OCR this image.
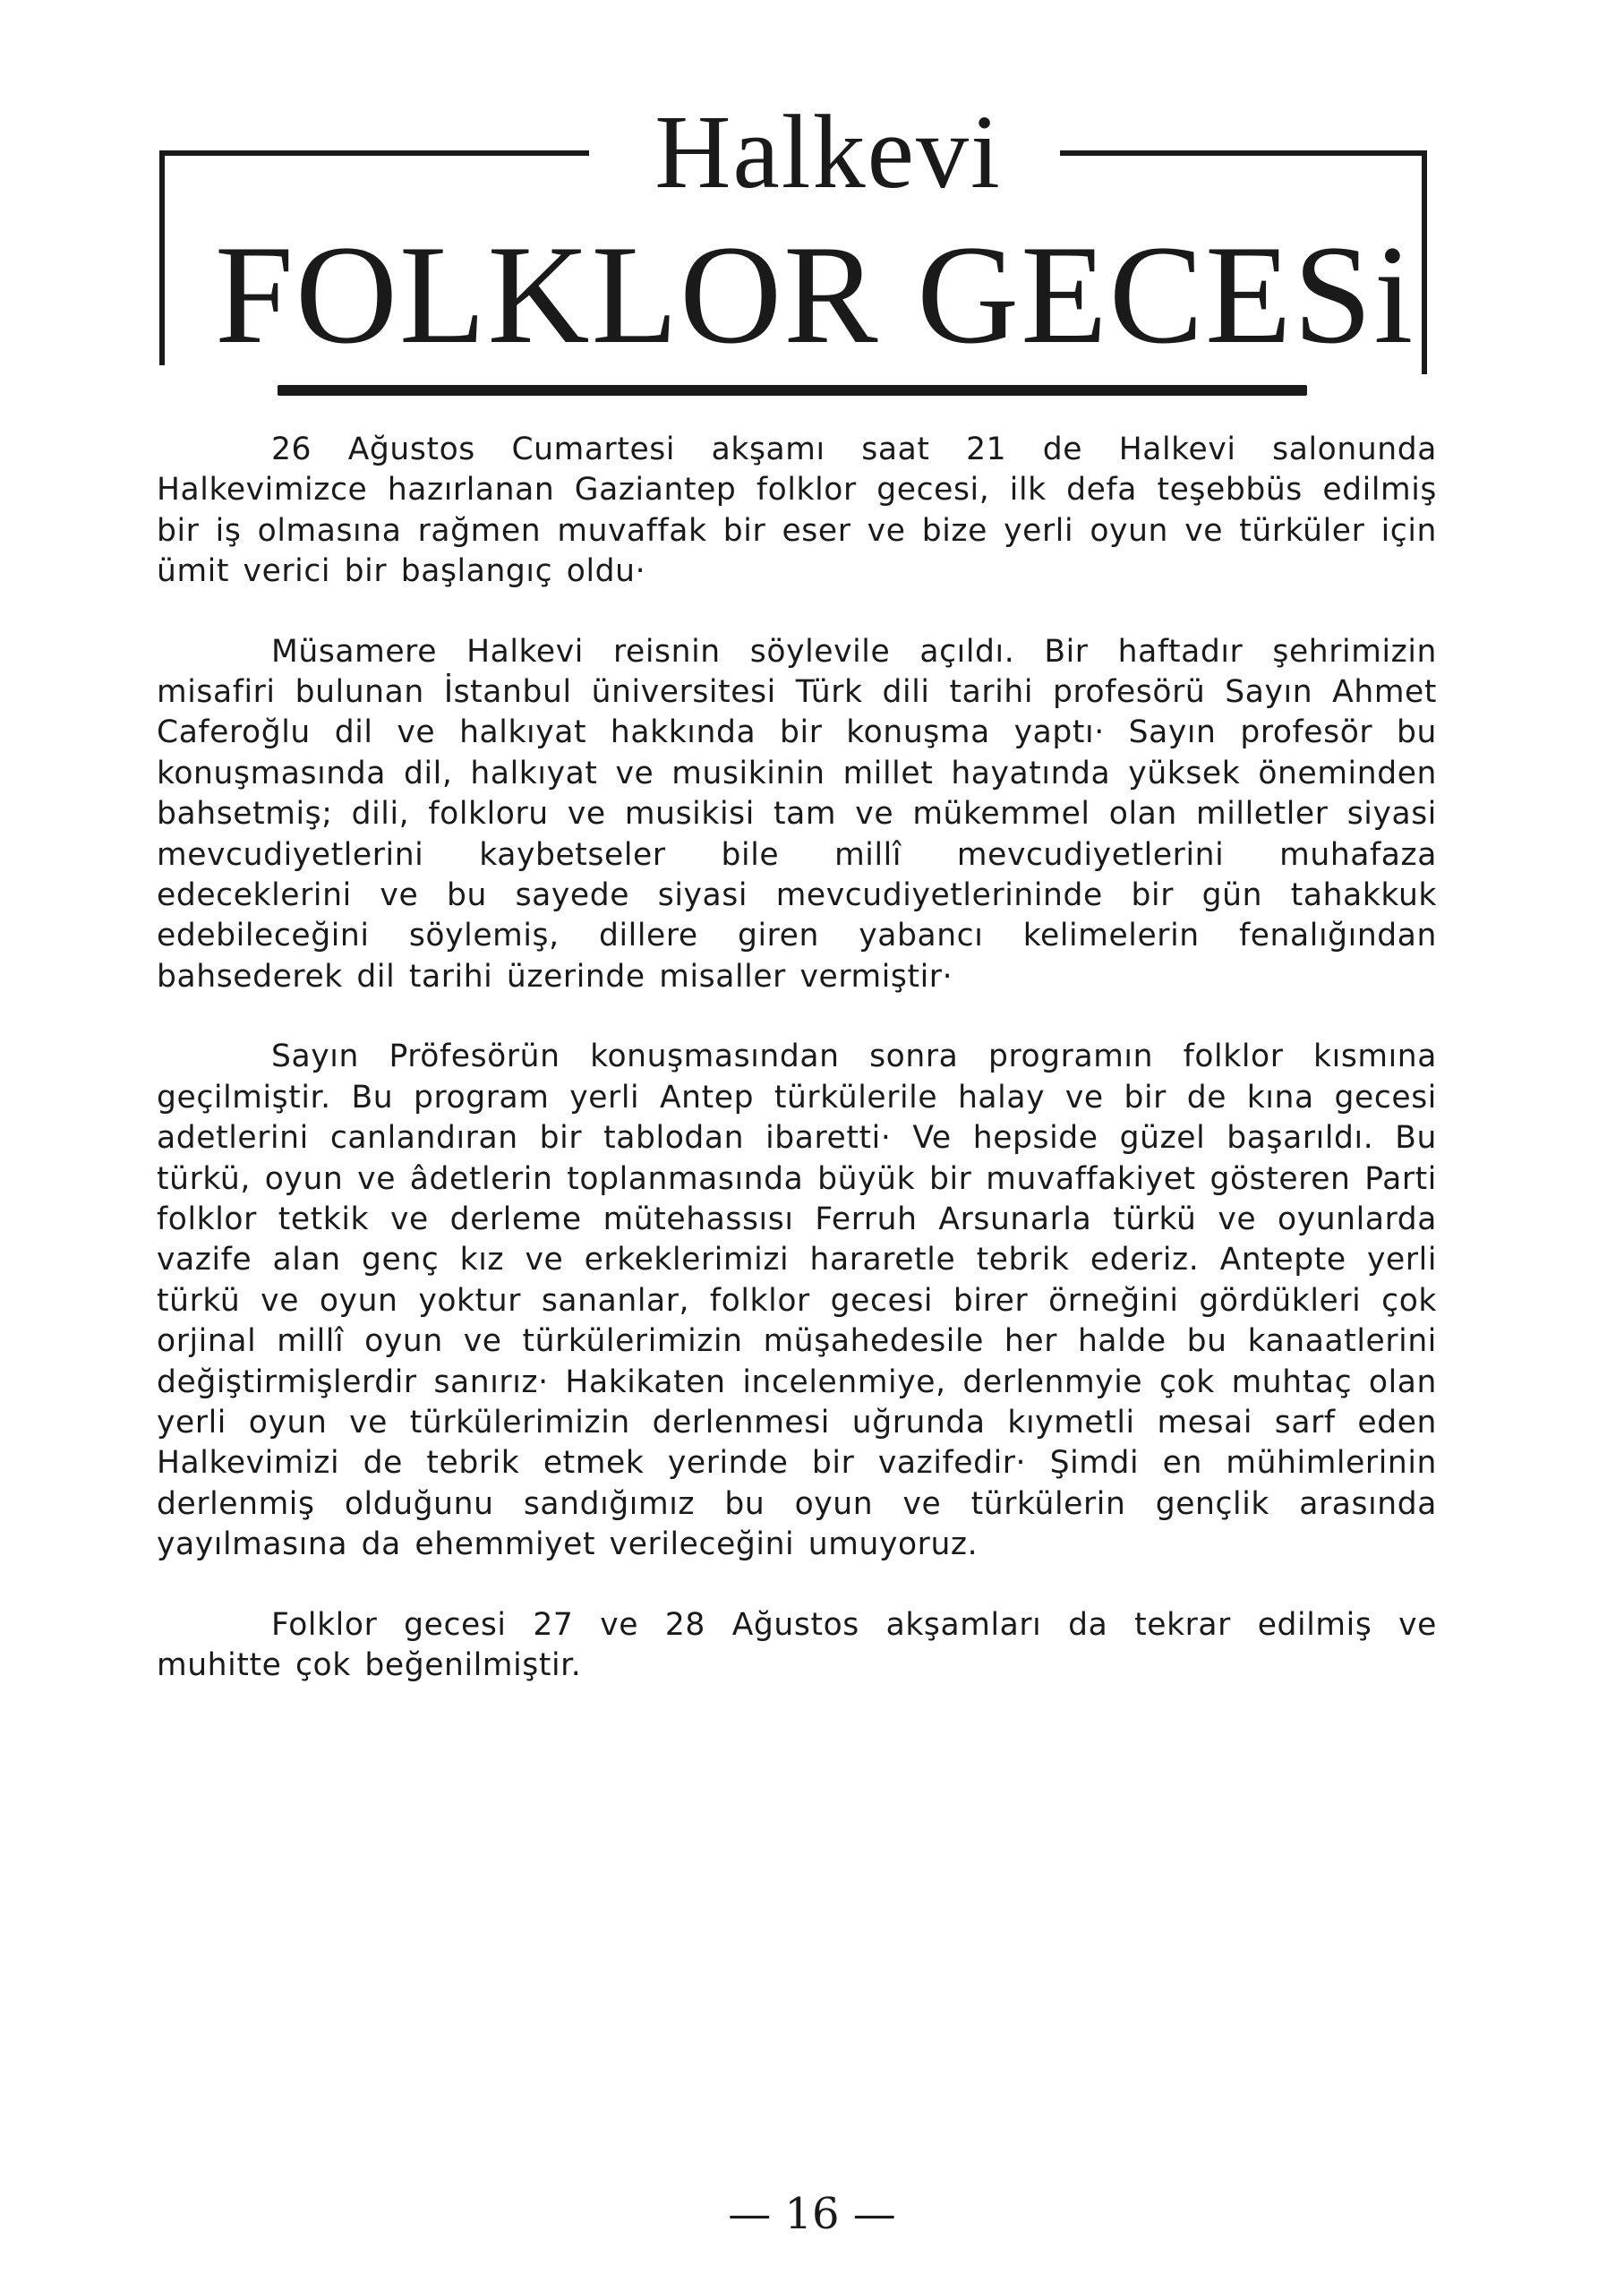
Halkevi
FOLKLOR GECESi

26 Ağustos Cumartesi akşamı saat 21 de Halkevi salonunda Halkevimizce hazırlanan Gaziantep folklor gecesi, ilk defa teşebbüs edilmiş bir iş olmasına rağmen muvaffak bir eser ve bize yerli oyun ve türküler için ümit verici bir başlangıç oldu·

Müsamere Halkevi reisnin söylevile açıldı. Bir haftadır şehrimizin misafiri bulunan İstanbul üniversitesi Türk dili tarihi profesörü Sayın Ahmet Caferoğlu dil ve halkıyat hakkında bir konuşma yaptı· Sayın profesör bu konuşmasında dil, halkıyat ve musikinin millet hayatında yüksek öneminden bahsetmiş; dili, folkloru ve musikisi tam ve mükemmel olan milletler siyasi mevcudiyetlerini kaybetseler bile millî mevcudiyetlerini muhafaza edeceklerini ve bu sayede siyasi mevcudiyetlerininde bir gün tahakkuk edebileceğini söylemiş, dillere giren yabancı kelimelerin fenalığından bahsederek dil tarihi üzerinde misaller vermiştir·

Sayın Pröfesörün konuşmasından sonra programın folklor kısmına geçilmiştir. Bu program yerli Antep türkülerile halay ve bir de kına gecesi adetlerini canlandıran bir tablodan ibaretti· Ve hepside güzel başarıldı. Bu türkü, oyun ve âdetlerin toplanmasında büyük bir muvaffakiyet gösteren Parti folklor tetkik ve derleme mütehassısı Ferruh Arsunarla türkü ve oyunlarda vazife alan genç kız ve erkeklerimizi hararetle tebrik ederiz. Antepte yerli türkü ve oyun yoktur sananlar, folklor gecesi birer örneğini gördükleri çok orjinal millî oyun ve türkülerimizin müşahedesile her halde bu kanaatlerini değiştirmişlerdir sanırız· Hakikaten incelenmiye, derlenmyie çok muhtaç olan yerli oyun ve türkülerimizin derlenmesi uğrunda kıymetli mesai sarf eden Halkevimizi de tebrik etmek yerinde bir vazifedir· Şimdi en mühimlerinin derlenmiş olduğunu sandığımız bu oyun ve türkülerin gençlik arasında yayılmasına da ehemmiyet verileceğini umuyoruz.

Folklor gecesi 27 ve 28 Ağustos akşamları da tekrar edilmiş ve muhitte çok beğenilmiştir.

— 16 —
